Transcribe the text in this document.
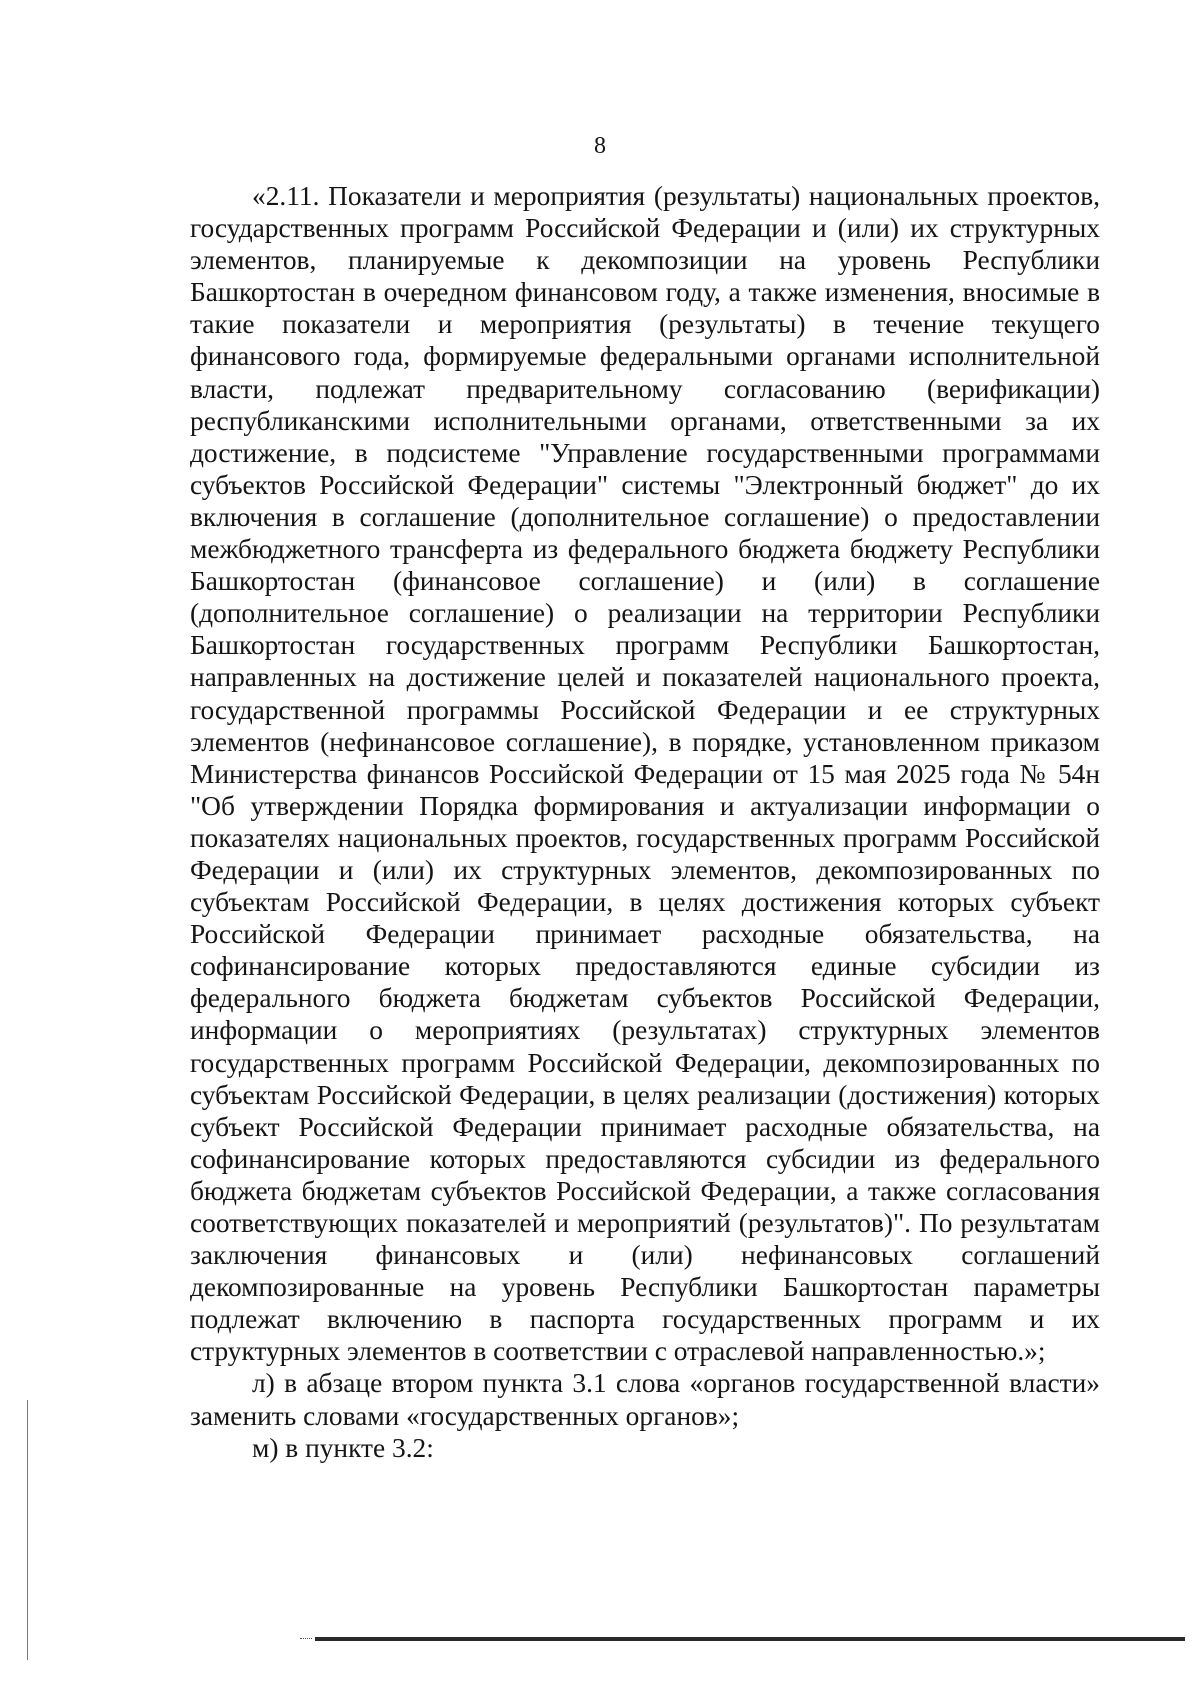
8

«2.11. Показатели и мероприятия (результаты) национальных проектов, государственных программ Российской Федерации и (или) их структурных элементов, планируемые к декомпозиции на уровень Республики Башкортостан в очередном финансовом году, а также изменения, вносимые в такие показатели и мероприятия (результаты) в течение текущего финансового года, формируемые федеральными органами исполнительной власти, подлежат предварительному согласованию (верификации) республиканскими исполнительными органами, ответственными за их достижение, в подсистеме "Управление государственными программами субъектов Российской Федерации" системы "Электронный бюджет" до их включения в соглашение (дополнительное соглашение) о предоставлении межбюджетного трансферта из федерального бюджета бюджету Республики Башкортостан (финансовое соглашение) и (или) в соглашение (дополнительное соглашение) о реализации на территории Республики Башкортостан государственных программ Республики Башкортостан, направленных на достижение целей и показателей национального проекта, государственной программы Российской Федерации и ее структурных элементов (нефинансовое соглашение), в порядке, установленном приказом Министерства финансов Российской Федерации от 15 мая 2025 года № 54н "Об утверждении Порядка формирования и актуализации информации о показателях национальных проектов, государственных программ Российской Федерации и (или) их структурных элементов, декомпозированных по субъектам Российской Федерации, в целях достижения которых субъект Российской Федерации принимает расходные обязательства, на софинансирование которых предоставляются единые субсидии из федерального бюджета бюджетам субъектов Российской Федерации, информации о мероприятиях (результатах) структурных элементов государственных программ Российской Федерации, декомпозированных по субъектам Российской Федерации, в целях реализации (достижения) которых субъект Российской Федерации принимает расходные обязательства, на софинансирование которых предоставляются субсидии из федерального бюджета бюджетам субъектов Российской Федерации, а также согласования соответствующих показателей и мероприятий (результатов)". По результатам заключения финансовых и (или) нефинансовых соглашений декомпозированные на уровень Республики Башкортостан параметры подлежат включению в паспорта государственных программ и их структурных элементов в соответствии с отраслевой направленностью.»;

л) в абзаце втором пункта 3.1 слова «органов государственной власти» заменить словами «государственных органов»;

м) в пункте 3.2:
